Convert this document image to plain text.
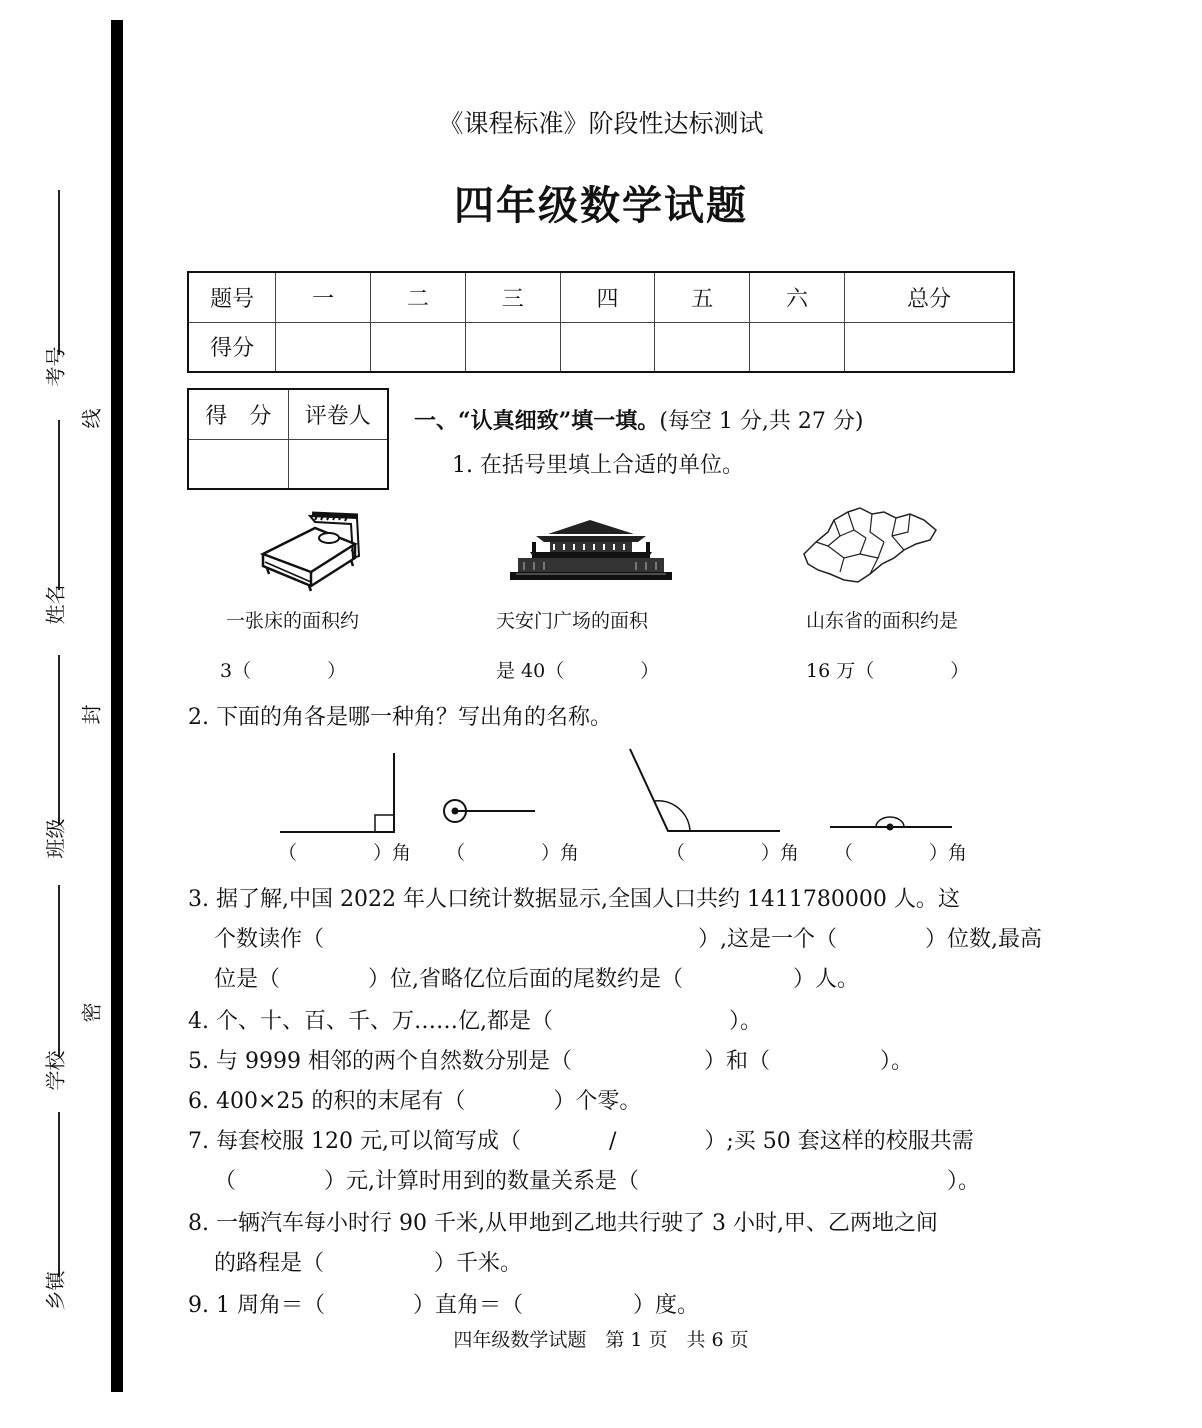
考号
姓名
班级
学校
乡镇
线
封
密
《课程标准》阶段性达标测试
四年级数学试题
题号	一	二	三	四	五	六	总分
得分							
得　分	评卷人
	一、“认真细致”填一填。(每空 1 分,共 27 分)
1. 在括号里填上合适的单位。
一张床的面积约	天安门广场的面积	山东省的面积约是
3（　　　　）	是 40（　　　　）	16 万（　　　　）
2. 下面的角各是哪一种角？写出角的名称。
（　　　　）角 （　　　　）角	（　　　　）角 （　　　　）角
3. 据了解,中国 2022 年人口统计数据显示,全国人口共约 1411780000 人。这
个数读作（　　　　　　　　　　　　　　　　　）,这是一个（　　　　）位数,最高
位是（　　　　）位,省略亿位后面的尾数约是（　　　　　）人。
4. 个、十、百、千、万……亿,都是（　　　　　　　　）。
5. 与 9999 相邻的两个自然数分别是（　　　　　　）和（　　　　　）。
6. 400×25 的积的末尾有（　　　　）个零。
7. 每套校服 120 元,可以简写成（　　　　/　　　　）;买 50 套这样的校服共需
（　　　　）元,计算时用到的数量关系是（　　　　　　　　　　　　　　）。
8. 一辆汽车每小时行 90 千米,从甲地到乙地共行驶了 3 小时,甲、乙两地之间
的路程是（　　　　　）千米。
9. 1 周角＝（　　　　）直角＝（　　　　　）度。
四年级数学试题　第 1 页　共 6 页
